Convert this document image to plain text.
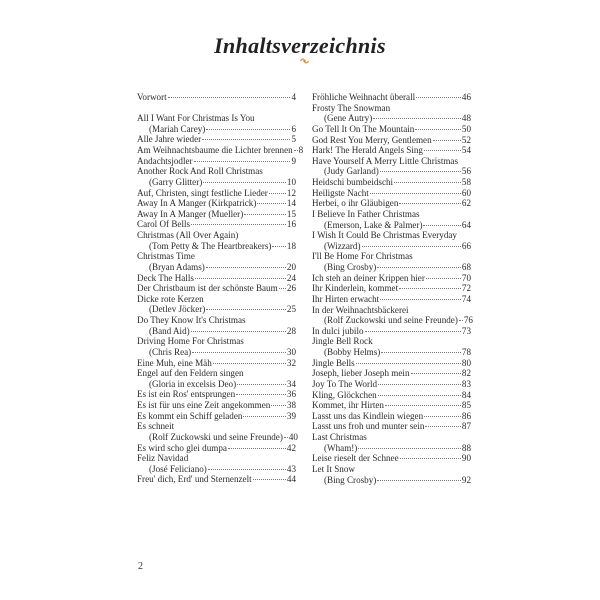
Inhaltsverzeichnis
Vorwort	4
All I Want For Christmas Is You
(Mariah Carey)	6
Alle Jahre wieder	5
Am Weihnachtsbaume die Lichter brennen 8
Andachtsjodler	9
Another Rock And Roll Christmas
(Garry Glitter)	10
Auf, Christen, singt festliche Lieder 12
Away In A Manger (Kirkpatrick)	14
Away In A Manger (Mueller)	15
Carol Of Bells	16
Christmas (All Over Again)
(Tom Petty & The Heartbreakers) 18
Christmas Time
(Bryan Adams)	20
Deck The Halls	24
Der Christbaum ist der schönste Baum 26
Dicke rote Kerzen
(Detlev Jöcker)	25
Do They Know It's Christmas
(Band Aid)	28
Driving Home For Christmas
(Chris Rea)	30
Eine Muh, eine Mäh	32
Engel auf den Feldern singen
(Gloria in excelsis Deo)	34
Es ist ein Ros' entsprungen	36
Es ist für uns eine Zeit angekommen 38
Es kommt ein Schiff geladen	39
Es schneit
(Rolf Zuckowski und seine Freunde) 40
Es wird scho glei dumpa	42
Feliz Navidad
(José Feliciano)	43
Freu' dich, Erd' und Sternenzelt	44
Fröhliche Weihnacht überall	46
Frosty The Snowman
(Gene Autry)	48
Go Tell It On The Mountain	50
God Rest You Merry, Gentlemen	52
Hark! The Herald Angels Sing	54
Have Yourself A Merry Little Christmas
(Judy Garland)	56
Heidschi bumbeidschi	58
Heiligste Nacht	60
Herbei, o ihr Gläubigen	62
I Believe In Father Christmas
(Emerson, Lake & Palmer)	64
I Wish It Could Be Christmas Everyday
(Wizzard)	66
I'll Be Home For Christmas
(Bing Crosby)	68
Ich steh an deiner Krippen hier	70
Ihr Kinderlein, kommet	72
Ihr Hirten erwacht	74
In der Weihnachtsbäckerei
(Rolf Zuckowski und seine Freunde) 76
In dulci jubilo	73
Jingle Bell Rock
(Bobby Helms)	78
Jingle Bells	80
Joseph, lieber Joseph mein	82
Joy To The World	83
Kling, Glöckchen	84
Kommet, ihr Hirten	85
Lasst uns das Kindlein wiegen	86
Lasst uns froh und munter sein	87
Last Christmas
(Wham!)	88
Leise rieselt der Schnee	90
Let It Snow
(Bing Crosby)	92
2
